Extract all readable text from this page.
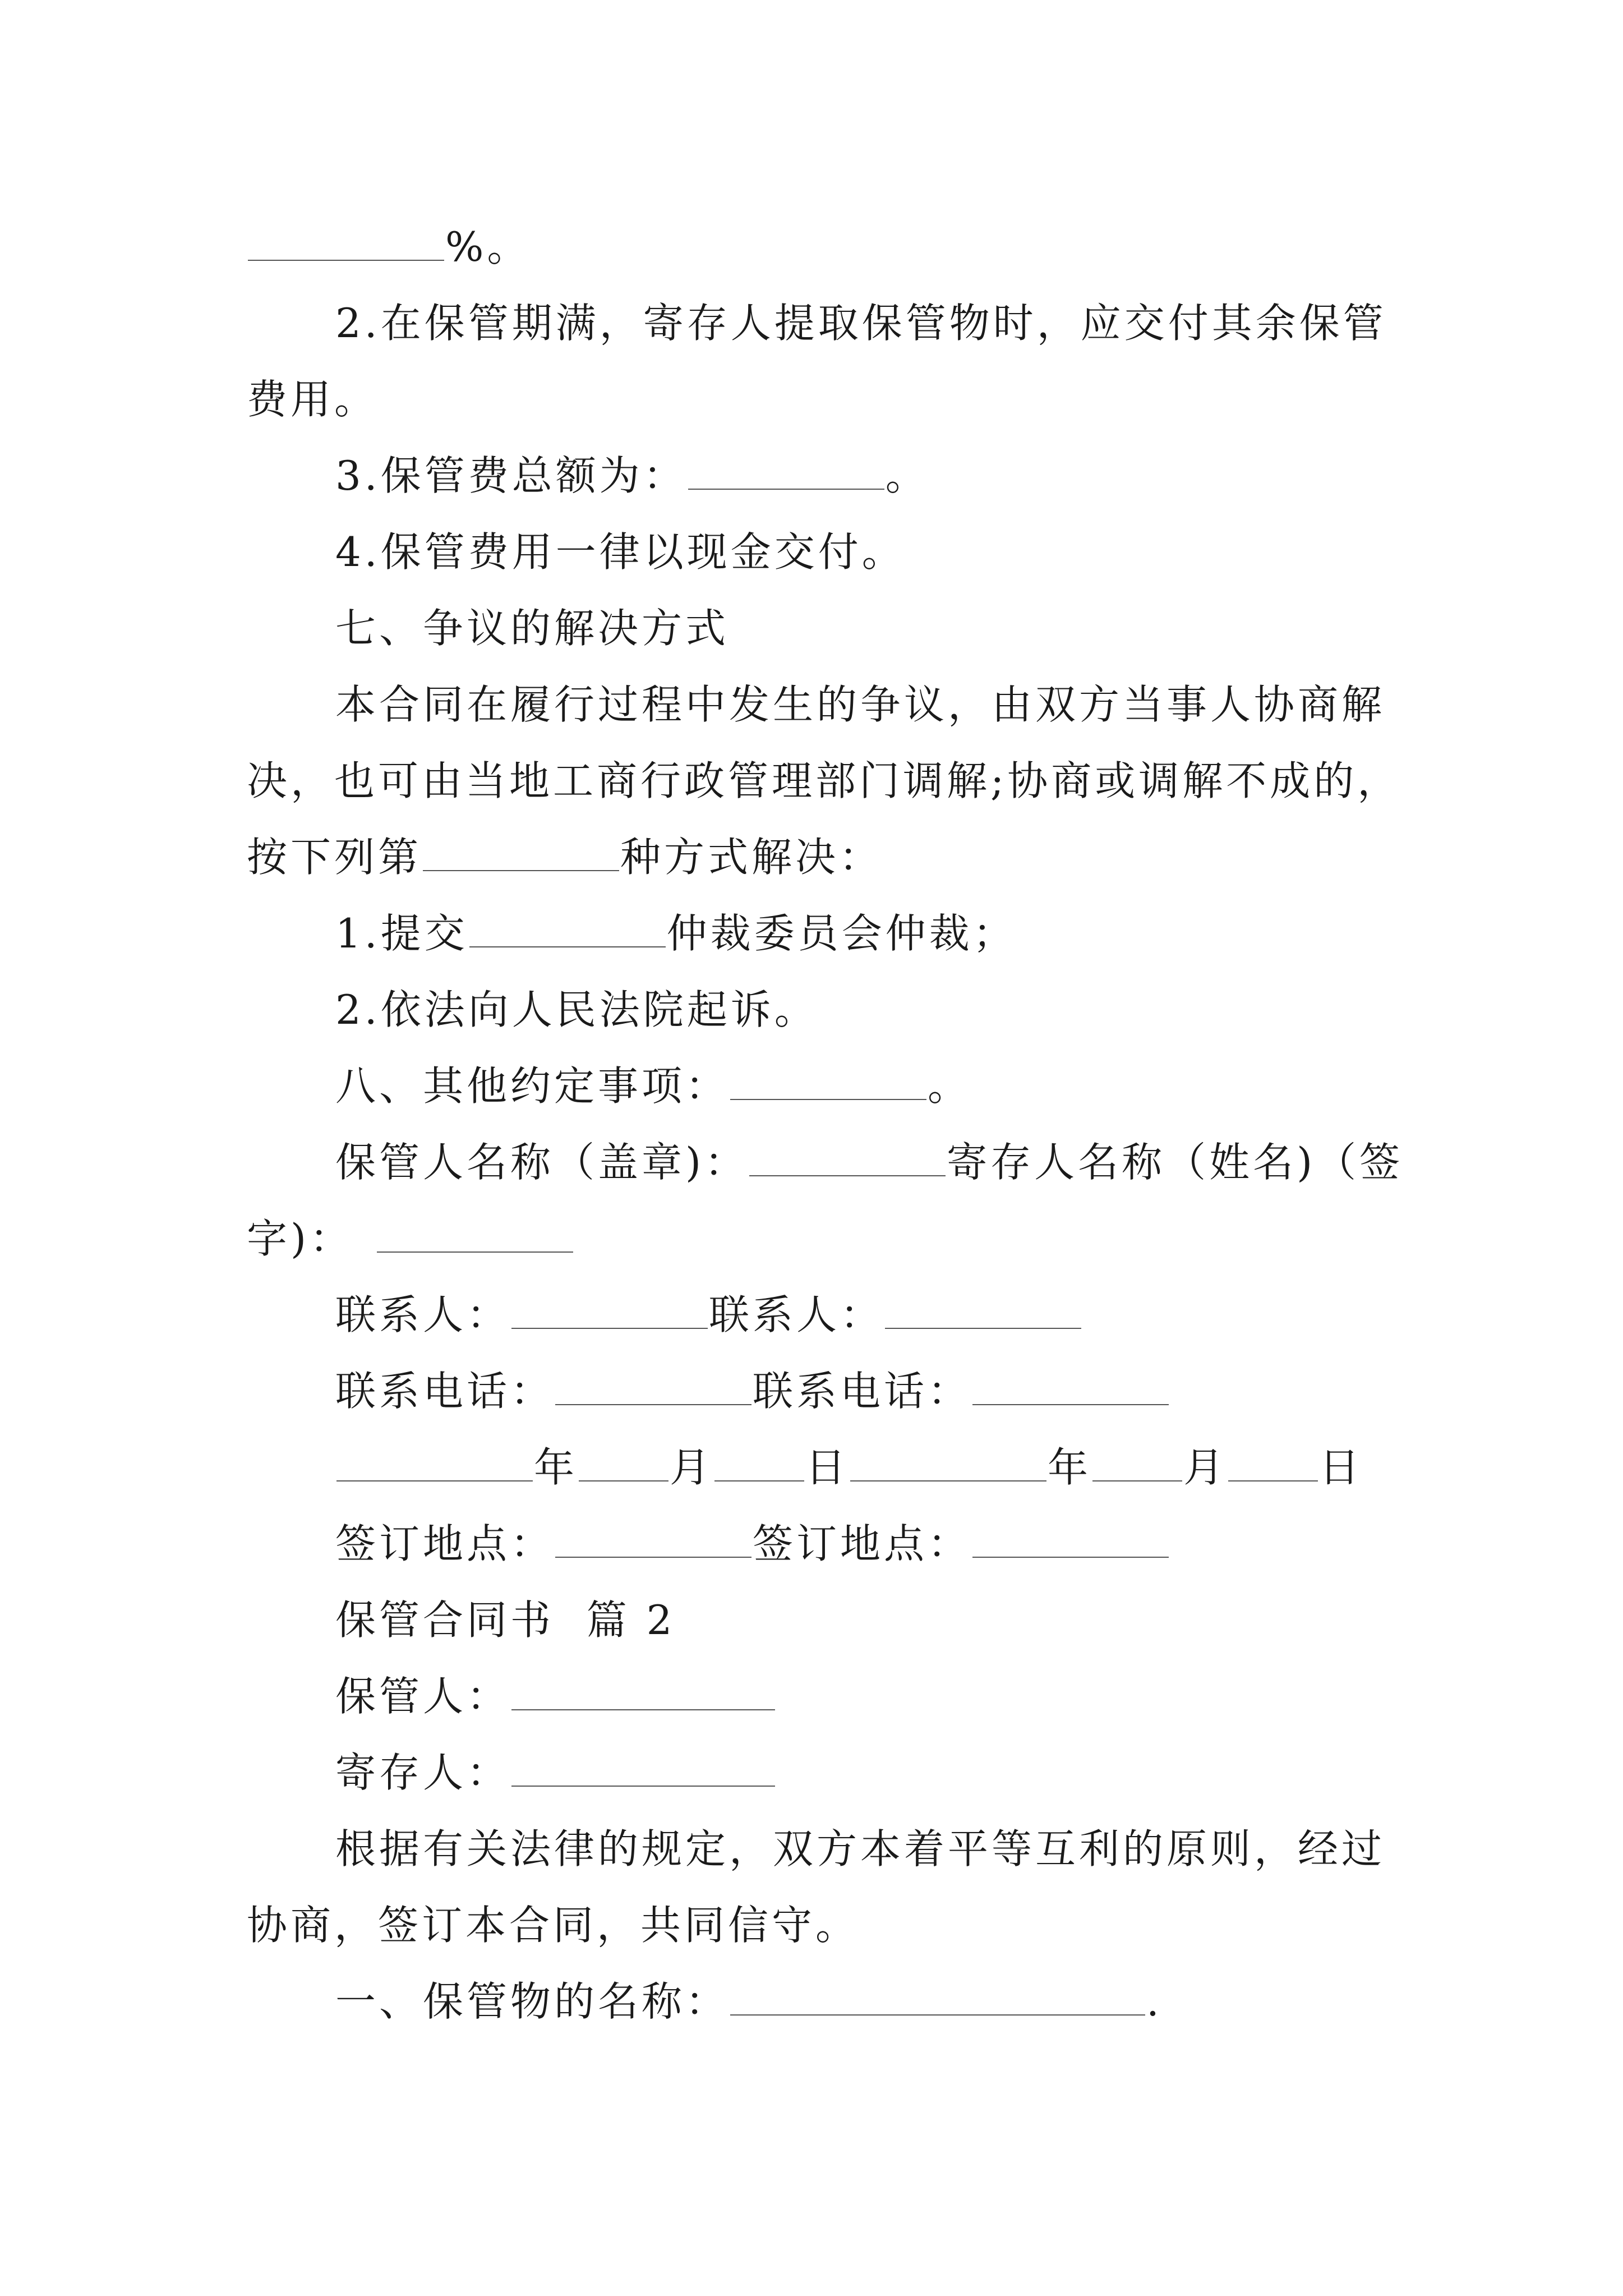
%。
2.在保管期满，寄存人提取保管物时，应交付其余保管
费用。
3.保管费总额为：	。
4.保管费用一律以现金交付。
七、争议的解决方式
本合同在履行过程中发生的争议，由双方当事人协商解
决，也可由当地工商行政管理部门调解;协商或调解不成的，
按下列第	种方式解决：
1.提交	仲裁委员会仲裁；
2.依法向人民法院起诉。
八、其他约定事项：	。
保管人名称（盖章)：	寄存人名称（姓名)（签
字)：
联系人：	联系人：
联系电话：	联系电话：
年 月 日	年 月 日
签订地点：	签订地点：
保管合同书  篇 2
保管人：
寄存人：
根据有关法律的规定，双方本着平等互利的原则，经过
协商，签订本合同，共同信守。
一、保管物的名称：	.
